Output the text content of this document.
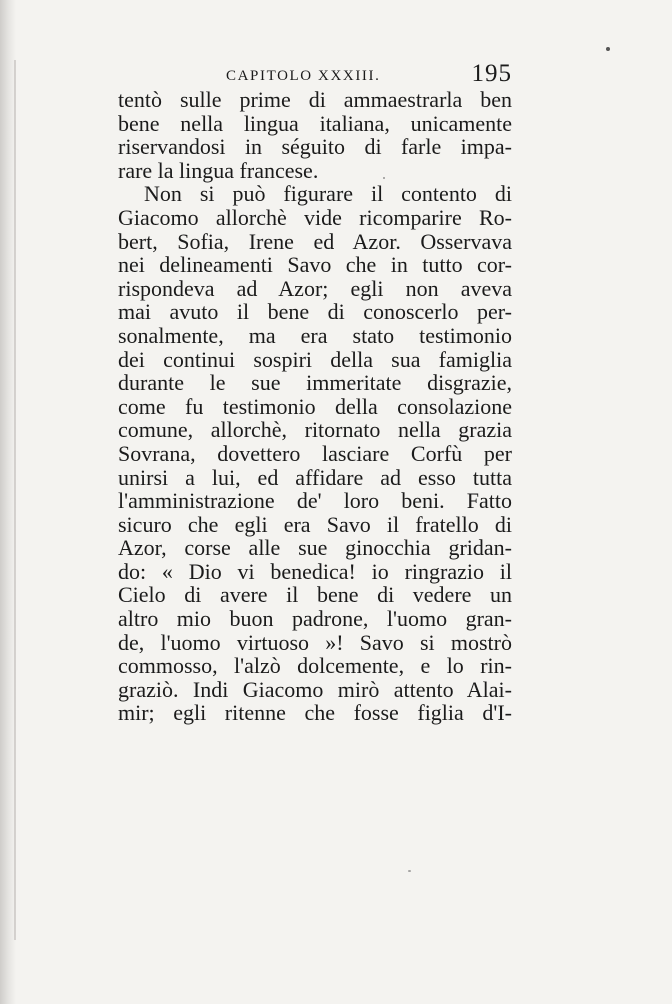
CAPITOLO XXXIII.	195
tentò sulle prime di ammaestrarla ben
bene nella lingua italiana, unicamente
riservandosi in séguito di farle impa-
rare la lingua francese.
Non si può figurare il contento di
Giacomo allorchè vide ricomparire Ro-
bert, Sofia, Irene ed Azor. Osservava
nei delineamenti Savo che in tutto cor-
rispondeva ad Azor; egli non aveva
mai avuto il bene di conoscerlo per-
sonalmente, ma era stato testimonio
dei continui sospiri della sua famiglia
durante le sue immeritate disgrazie,
come fu testimonio della consolazione
comune, allorchè, ritornato nella grazia
Sovrana, dovettero lasciare Corfù per
unirsi a lui, ed affidare ad esso tutta
l'amministrazione de' loro beni. Fatto
sicuro che egli era Savo il fratello di
Azor, corse alle sue ginocchia gridan-
do: « Dio vi benedica! io ringrazio il
Cielo di avere il bene di vedere un
altro mio buon padrone, l'uomo gran-
de, l'uomo virtuoso »! Savo si mostrò
commosso, l'alzò dolcemente, e lo rin-
graziò. Indi Giacomo mirò attento Alai-
mir; egli ritenne che fosse figlia d'I-
